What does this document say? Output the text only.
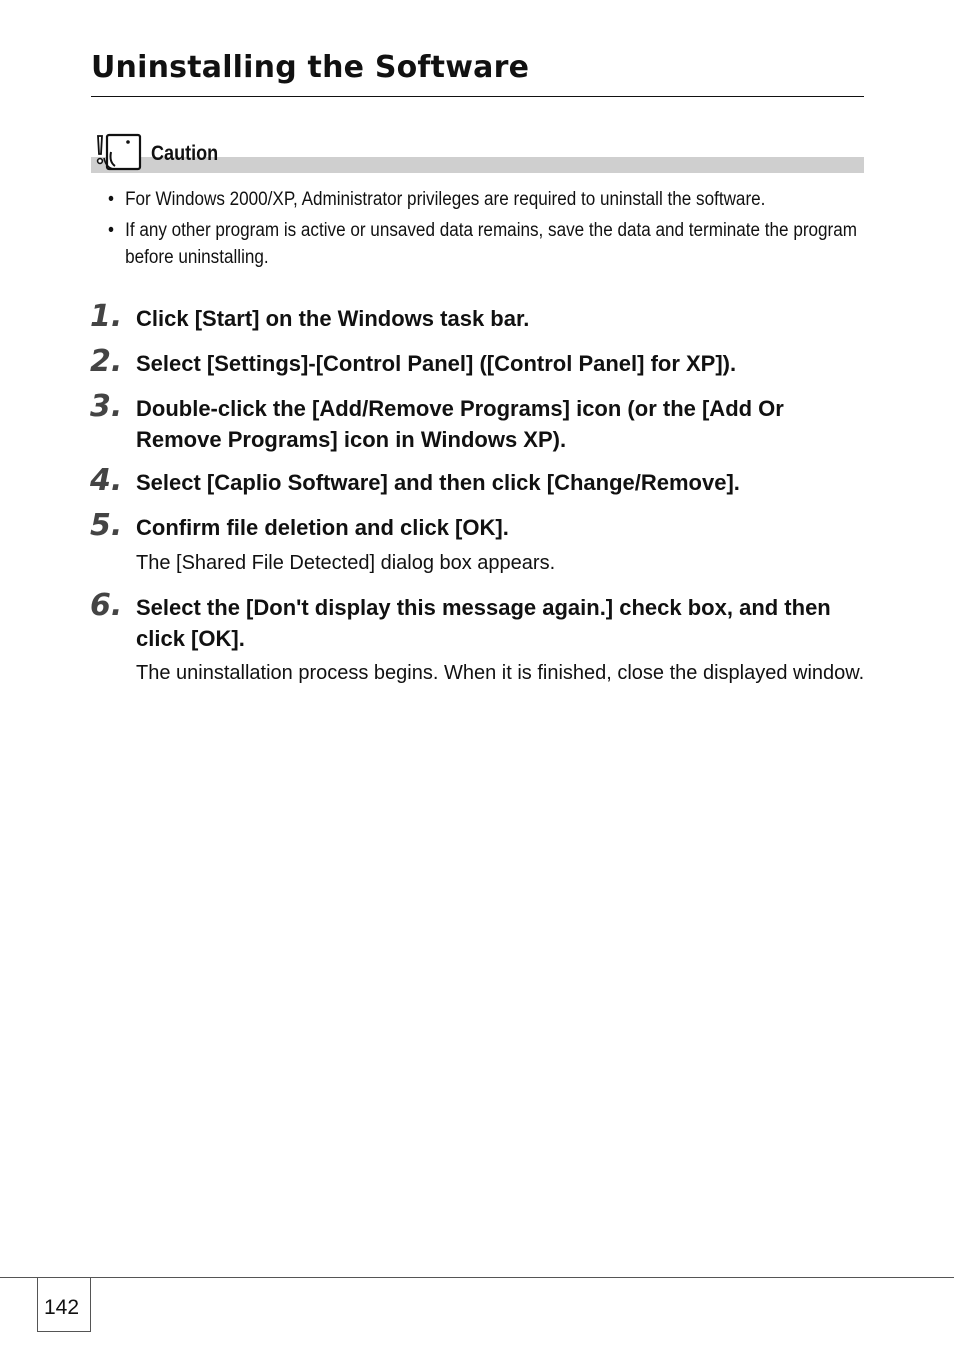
Uninstalling the Software
Caution
• For Windows 2000/XP, Administrator privileges are required to uninstall the software.
• If any other program is active or unsaved data remains, save the data and terminate the program before uninstalling.
1. Click [Start] on the Windows task bar.
2. Select [Settings]-[Control Panel] ([Control Panel] for XP]).
3. Double-click the [Add/Remove Programs] icon (or the [Add Or Remove Programs] icon in Windows XP).
4. Select [Caplio Software] and then click [Change/Remove].
5. Confirm file deletion and click [OK].
The [Shared File Detected] dialog box appears.
6. Select the [Don't display this message again.] check box, and then click [OK].
The uninstallation process begins. When it is finished, close the displayed window.
142
